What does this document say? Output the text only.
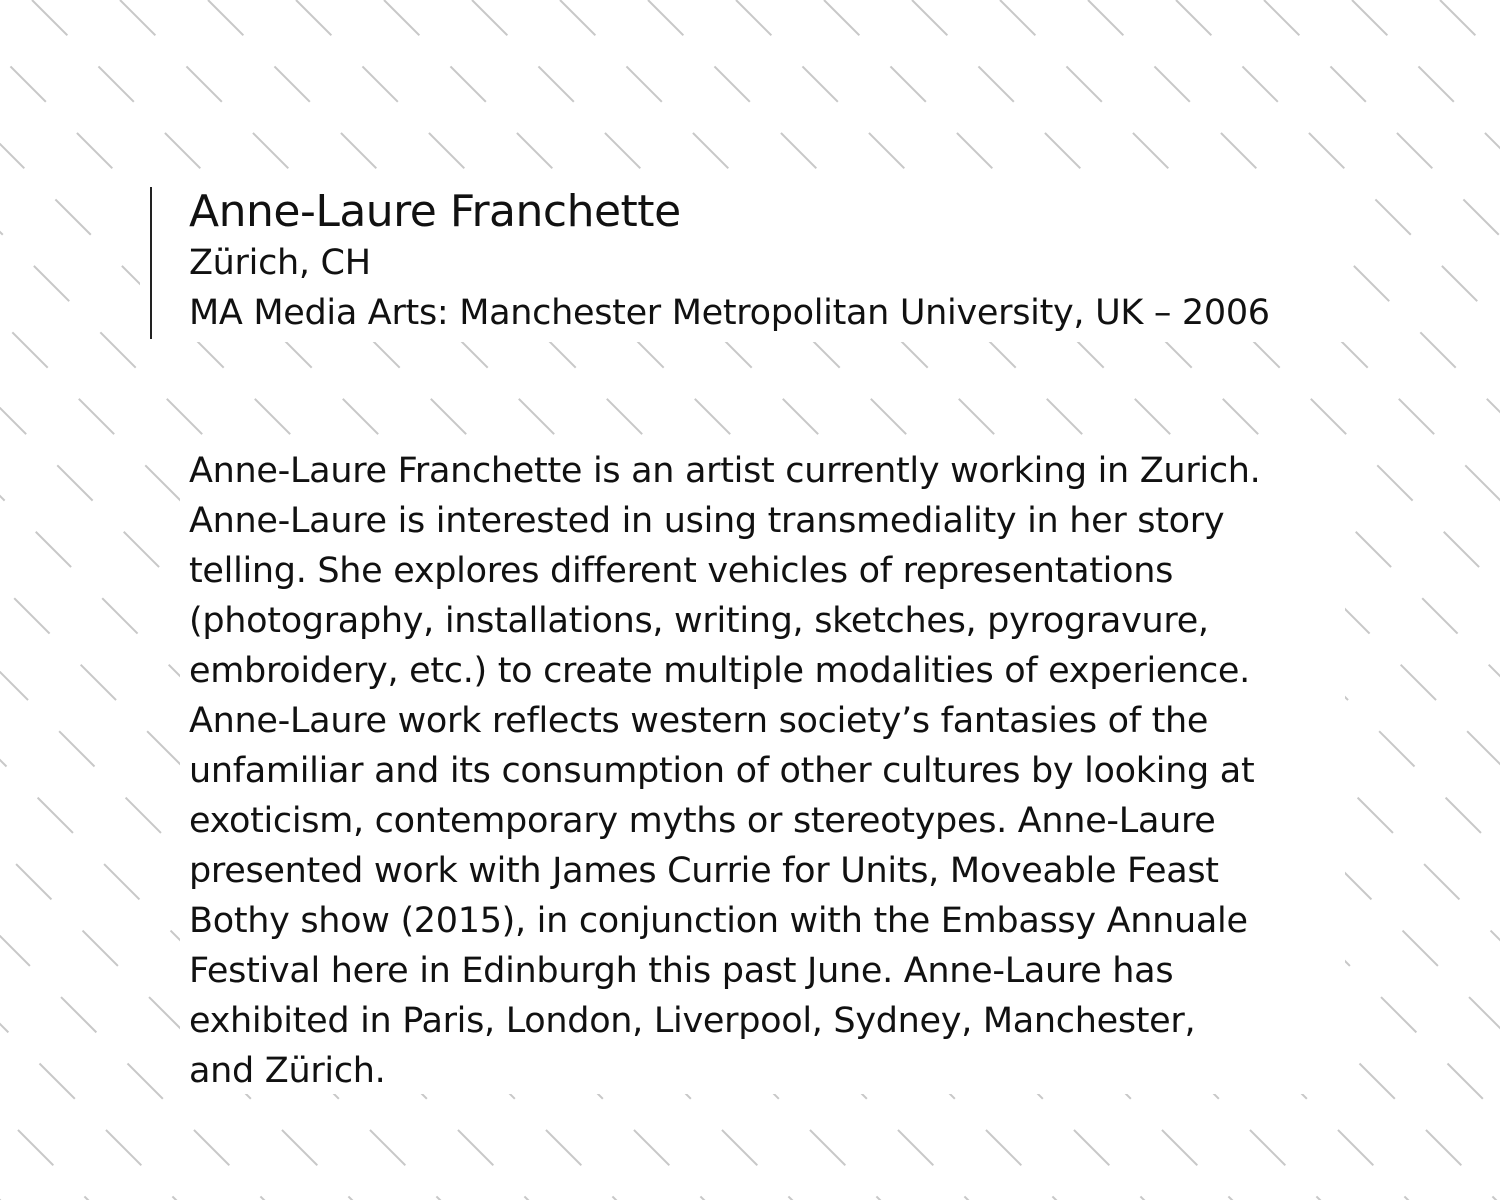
Anne-Laure Franchette

Zürich, CH

MA Media Arts: Manchester Metropolitan University, UK – 2006

Anne-Laure Franchette is an artist currently working in Zurich.
Anne-Laure is interested in using transmediality in her story
telling. She explores different vehicles of representations
(photography, installations, writing, sketches, pyrogravure,
embroidery, etc.) to create multiple modalities of experience.
Anne-Laure work reflects western society’s fantasies of the
unfamiliar and its consumption of other cultures by looking at
exoticism, contemporary myths or stereotypes. Anne-Laure
presented work with James Currie for Units, Moveable Feast
Bothy show (2015), in conjunction with the Embassy Annuale
Festival here in Edinburgh this past June. Anne-Laure has
exhibited in Paris, London, Liverpool, Sydney, Manchester,
and Zürich.
